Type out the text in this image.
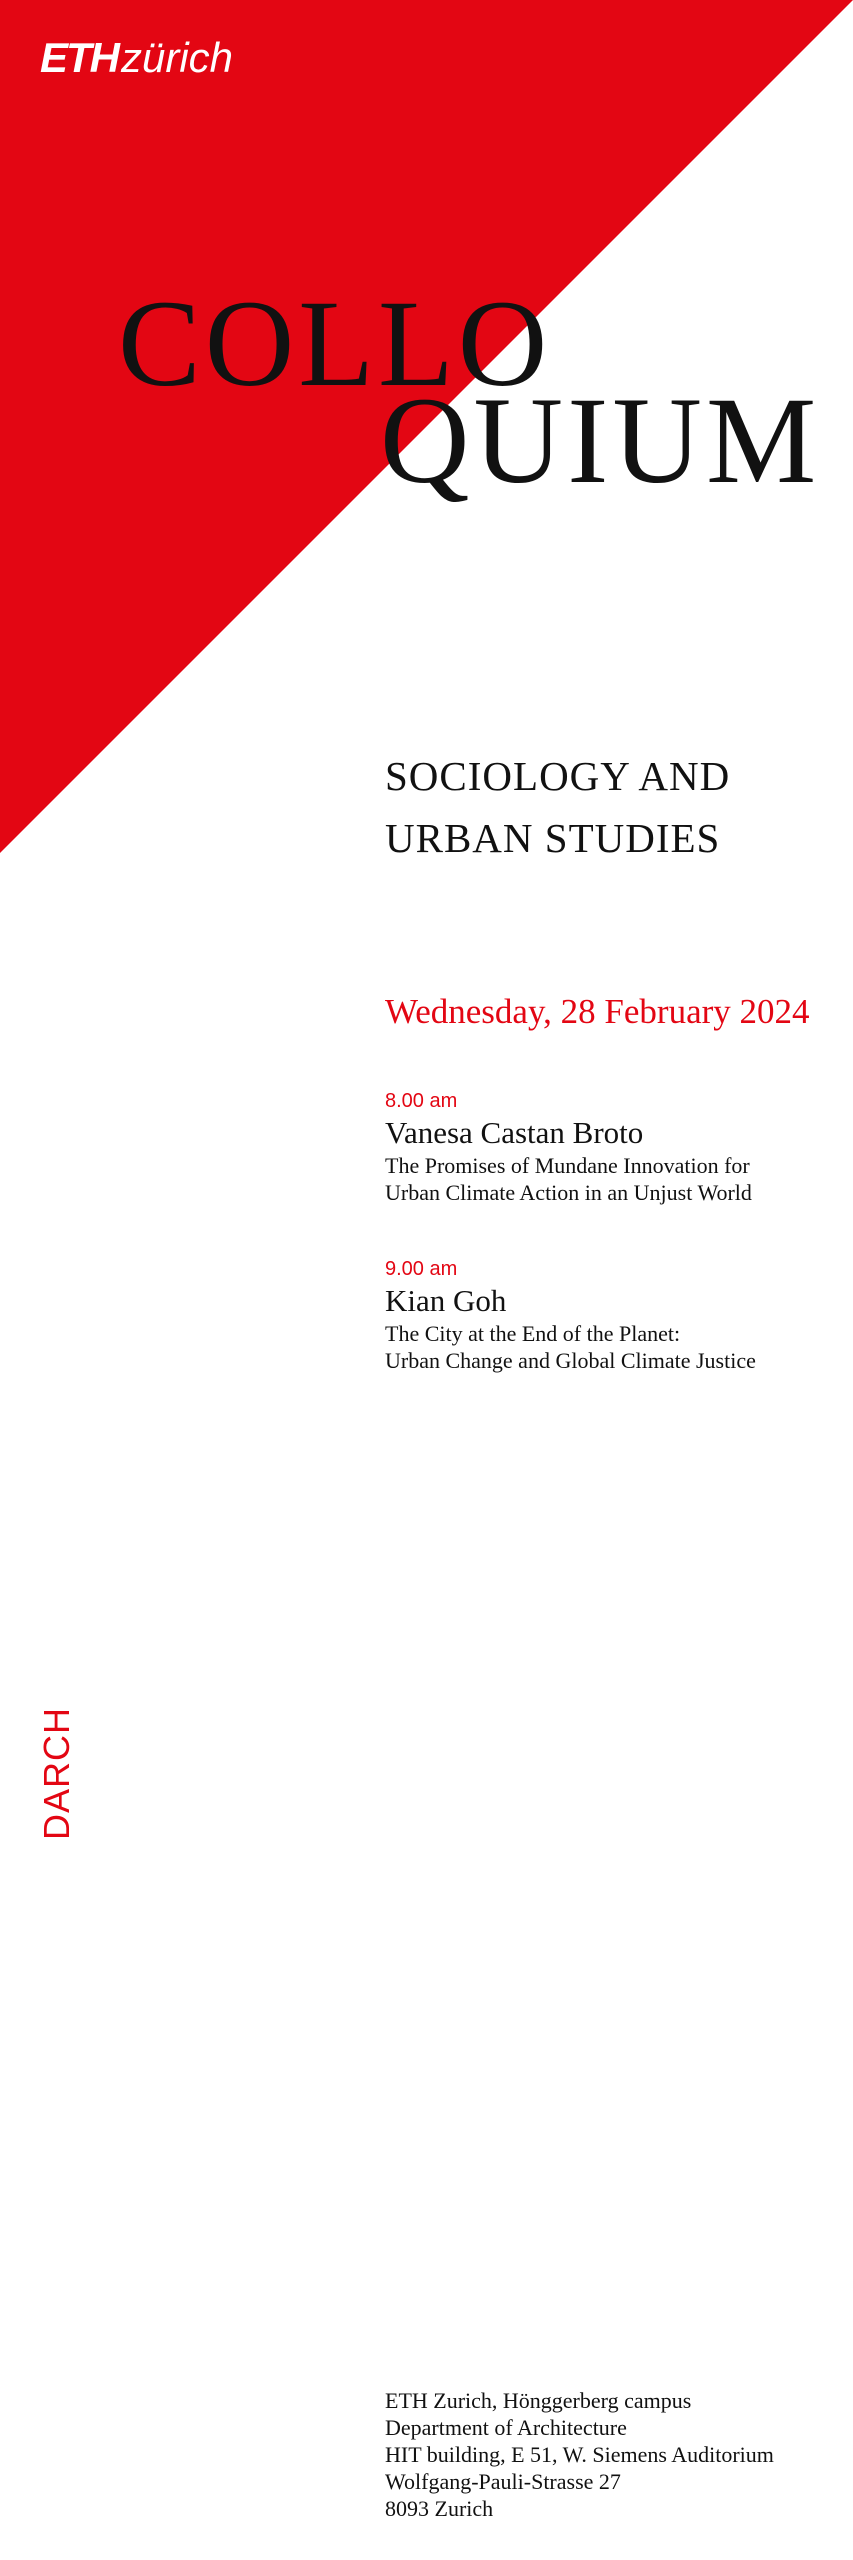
ETHzürich
COLLO
QUIUM
SOCIOLOGY AND
URBAN STUDIES
Wednesday, 28 February 2024
8.00 am
Vanesa Castan Broto
The Promises of Mundane Innovation for
Urban Climate Action in an Unjust World
9.00 am
Kian Goh
The City at the End of the Planet:
Urban Change and Global Climate Justice
DARCH
ETH Zurich, Hönggerberg campus
Department of Architecture
HIT building, E 51, W. Siemens Auditorium
Wolfgang-Pauli-Strasse 27
8093 Zurich
